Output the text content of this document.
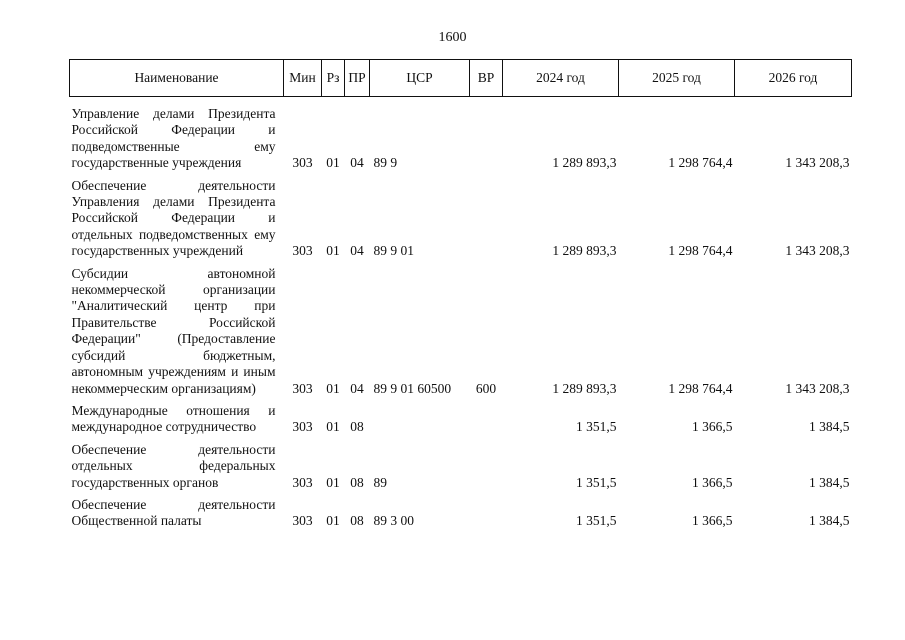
1600
Наименование	Мин	Рз	ПР	ЦСР	ВР	2024 год	2025 год	2026 год
Управление делами Президента Российской Федерации и подведомственные ему государственные учреждения	303	01	04	89 9		1 289 893,3	1 298 764,4	1 343 208,3
Обеспечение деятельности Управления делами Президента Российской Федерации и отдельных подведомственных ему государственных учреждений	303	01	04	89 9 01		1 289 893,3	1 298 764,4	1 343 208,3
Субсидии автономной некоммерческой организации "Аналитический центр при Правительстве Российской Федерации" (Предоставление субсидий бюджетным, автономным учреждениям и иным некоммерческим организациям)	303	01	04	89 9 01 60500	600	1 289 893,3	1 298 764,4	1 343 208,3
Международные отношения и международное сотрудничество	303	01	08			1 351,5	1 366,5	1 384,5
Обеспечение деятельности отдельных федеральных государственных органов	303	01	08	89		1 351,5	1 366,5	1 384,5
Обеспечение деятельности Общественной палаты	303	01	08	89 3 00		1 351,5	1 366,5	1 384,5
